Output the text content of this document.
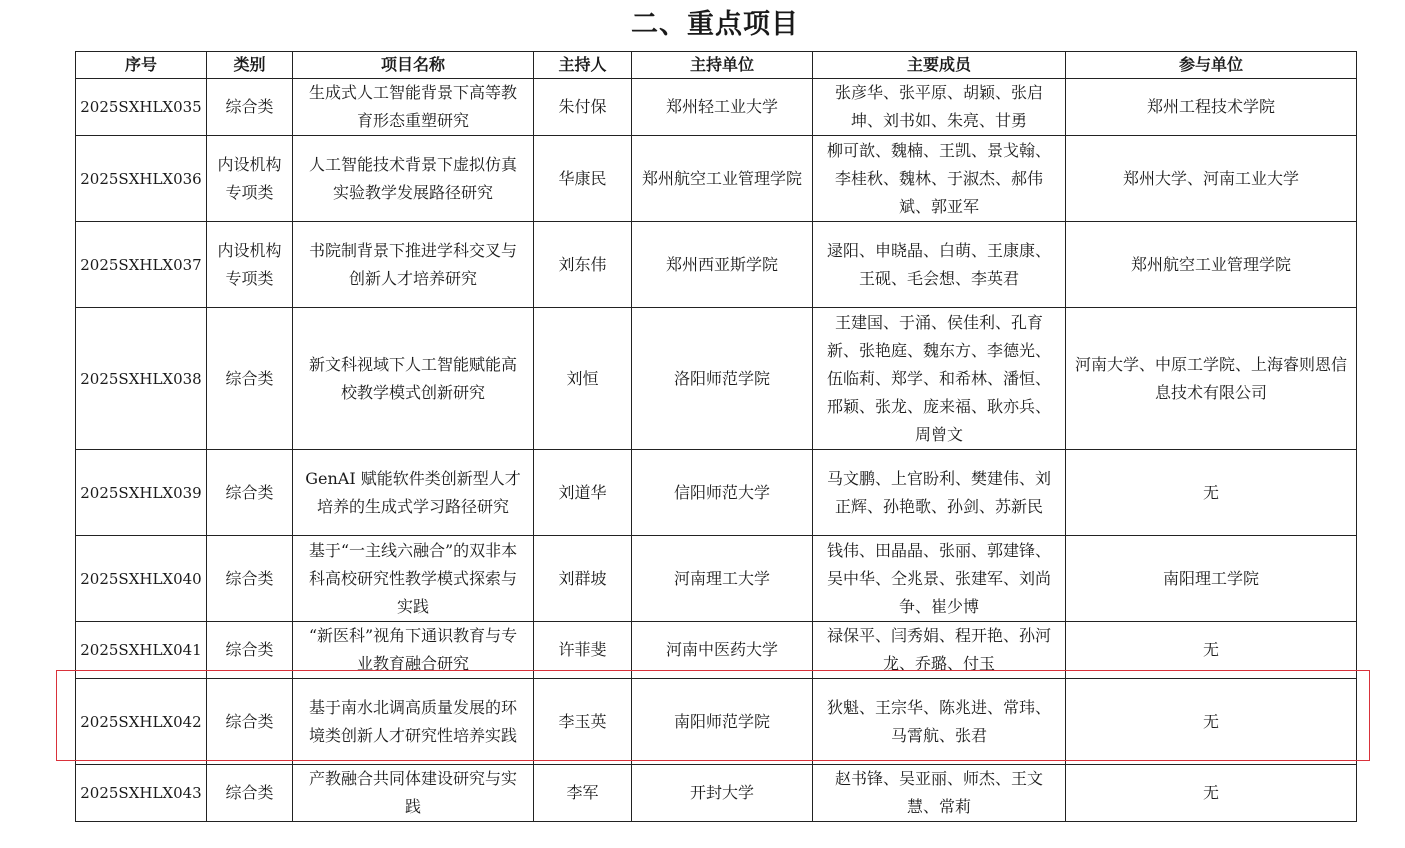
二、重点项目
序号	类别	项目名称	主持人	主持单位	主要成员	参与单位
2025SXHLX035	综合类	生成式人工智能背景下高等教育形态重塑研究	朱付保	郑州轻工业大学	张彦华、张平原、胡颖、张启坤、刘书如、朱亮、甘勇	郑州工程技术学院
2025SXHLX036	内设机构专项类	人工智能技术背景下虚拟仿真实验教学发展路径研究	华康民	郑州航空工业管理学院	柳可歆、魏楠、王凯、景戈翰、李桂秋、魏林、于淑杰、郝伟斌、郭亚军	郑州大学、河南工业大学
2025SXHLX037	内设机构专项类	书院制背景下推进学科交叉与创新人才培养研究	刘东伟	郑州西亚斯学院	逯阳、申晓晶、白萌、王康康、王砚、毛会想、李英君	郑州航空工业管理学院
2025SXHLX038	综合类	新文科视域下人工智能赋能高校教学模式创新研究	刘恒	洛阳师范学院	王建国、于涌、侯佳利、孔育新、张艳庭、魏东方、李德光、伍临莉、郑学、和希林、潘恒、邢颖、张龙、庞来福、耿亦兵、周曾文	河南大学、中原工学院、上海睿则恩信息技术有限公司
2025SXHLX039	综合类	GenAI 赋能软件类创新型人才培养的生成式学习路径研究	刘道华	信阳师范大学	马文鹏、上官盼利、樊建伟、刘正辉、孙艳歌、孙剑、苏新民	无
2025SXHLX040	综合类	基于“一主线六融合”的双非本科高校研究性教学模式探索与实践	刘群坡	河南理工大学	钱伟、田晶晶、张丽、郭建锋、吴中华、仝兆景、张建军、刘尚争、崔少博	南阳理工学院
2025SXHLX041	综合类	“新医科”视角下通识教育与专业教育融合研究	许菲斐	河南中医药大学	禄保平、闫秀娟、程开艳、孙河龙、乔璐、付玉	无
2025SXHLX042	综合类	基于南水北调高质量发展的环境类创新人才研究性培养实践	李玉英	南阳师范学院	狄魁、王宗华、陈兆进、常玮、马霄航、张君	无
2025SXHLX043	综合类	产教融合共同体建设研究与实践	李军	开封大学	赵书锋、吴亚丽、师杰、王文慧、常莉	无
